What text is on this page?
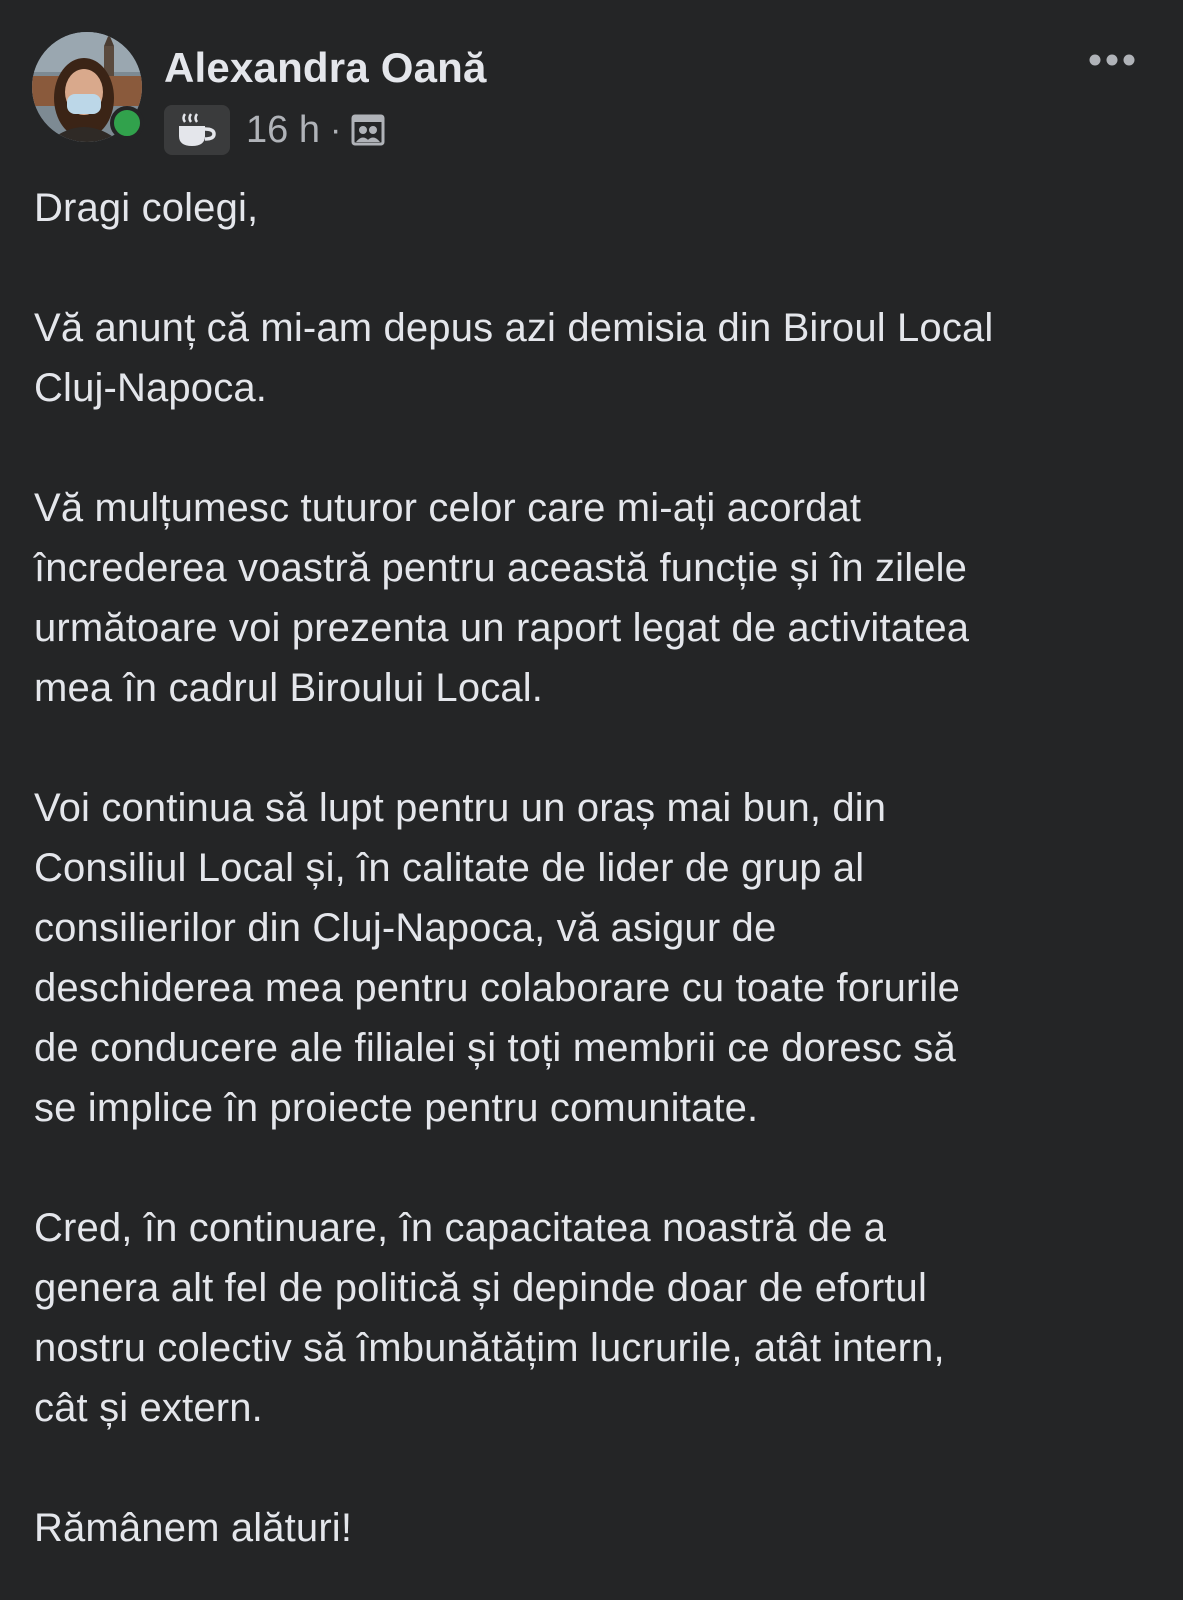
Alexandra Oană
16 h ·

Dragi colegi,

Vă anunț că mi-am depus azi demisia din Biroul Local
Cluj-Napoca.

Vă mulțumesc tuturor celor care mi-ați acordat
încrederea voastră pentru această funcție și în zilele
următoare voi prezenta un raport legat de activitatea
mea în cadrul Biroului Local.

Voi continua să lupt pentru un oraș mai bun, din
Consiliul Local și, în calitate de lider de grup al
consilierilor din Cluj-Napoca, vă asigur de
deschiderea mea pentru colaborare cu toate forurile
de conducere ale filialei și toți membrii ce doresc să
se implice în proiecte pentru comunitate.

Cred, în continuare, în capacitatea noastră de a
genera alt fel de politică și depinde doar de efortul
nostru colectiv să îmbunătățim lucrurile, atât intern,
cât și extern.

Rămânem alături!
